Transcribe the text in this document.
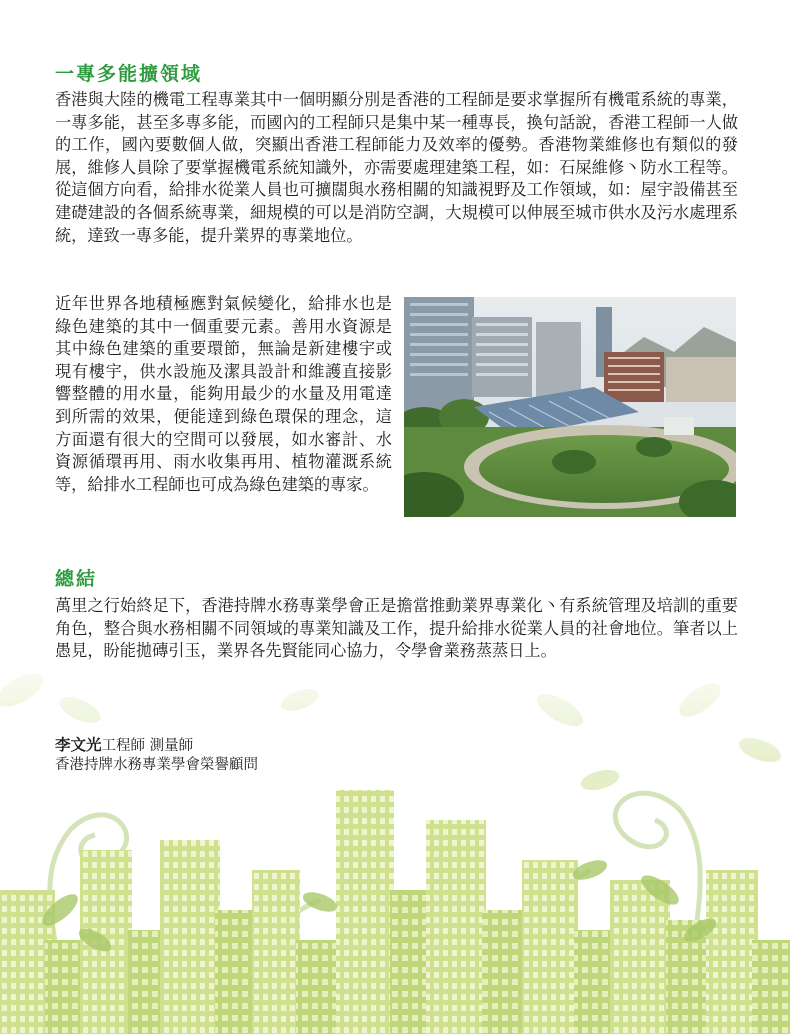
一專多能擴領域

香港與大陸的機電工程專業其中一個明顯分別是香港的工程師是要求掌握所有機電系統的專業，一專多能，甚至多專多能，而國內的工程師只是集中某一種專長，換句話說，香港工程師一人做的工作，國內要數個人做，突顯出香港工程師能力及效率的優勢。香港物業維修也有類似的發展，維修人員除了要掌握機電系統知識外，亦需要處理建築工程，如：石屎維修丶防水工程等。從這個方向看，給排水從業人員也可擴闊與水務相關的知識視野及工作領域，如：屋宇設備甚至建礎建設的各個系統專業，細規模的可以是消防空調，大規模可以伸展至城市供水及污水處理系統，達致一專多能，提升業界的專業地位。

近年世界各地積極應對氣候變化，給排水也是綠色建築的其中一個重要元素。善用水資源是其中綠色建築的重要環節，無論是新建樓宇或現有樓宇，供水設施及潔具設計和維護直接影響整體的用水量，能夠用最少的水量及用電達到所需的效果，便能達到綠色環保的理念，這方面還有很大的空間可以發展，如水審計、水資源循環再用、雨水收集再用、植物灌溉系統等，給排水工程師也可成為綠色建築的專家。

總結

萬里之行始終足下，香港持牌水務專業學會正是擔當推動業界專業化丶有系統管理及培訓的重要角色，整合與水務相關不同領域的專業知識及工作，提升給排水從業人員的社會地位。筆者以上愚見，盼能拋磚引玉，業界各先賢能同心協力，令學會業務蒸蒸日上。

李文光工程師 測量師
香港持牌水務專業學會榮譽顧問
